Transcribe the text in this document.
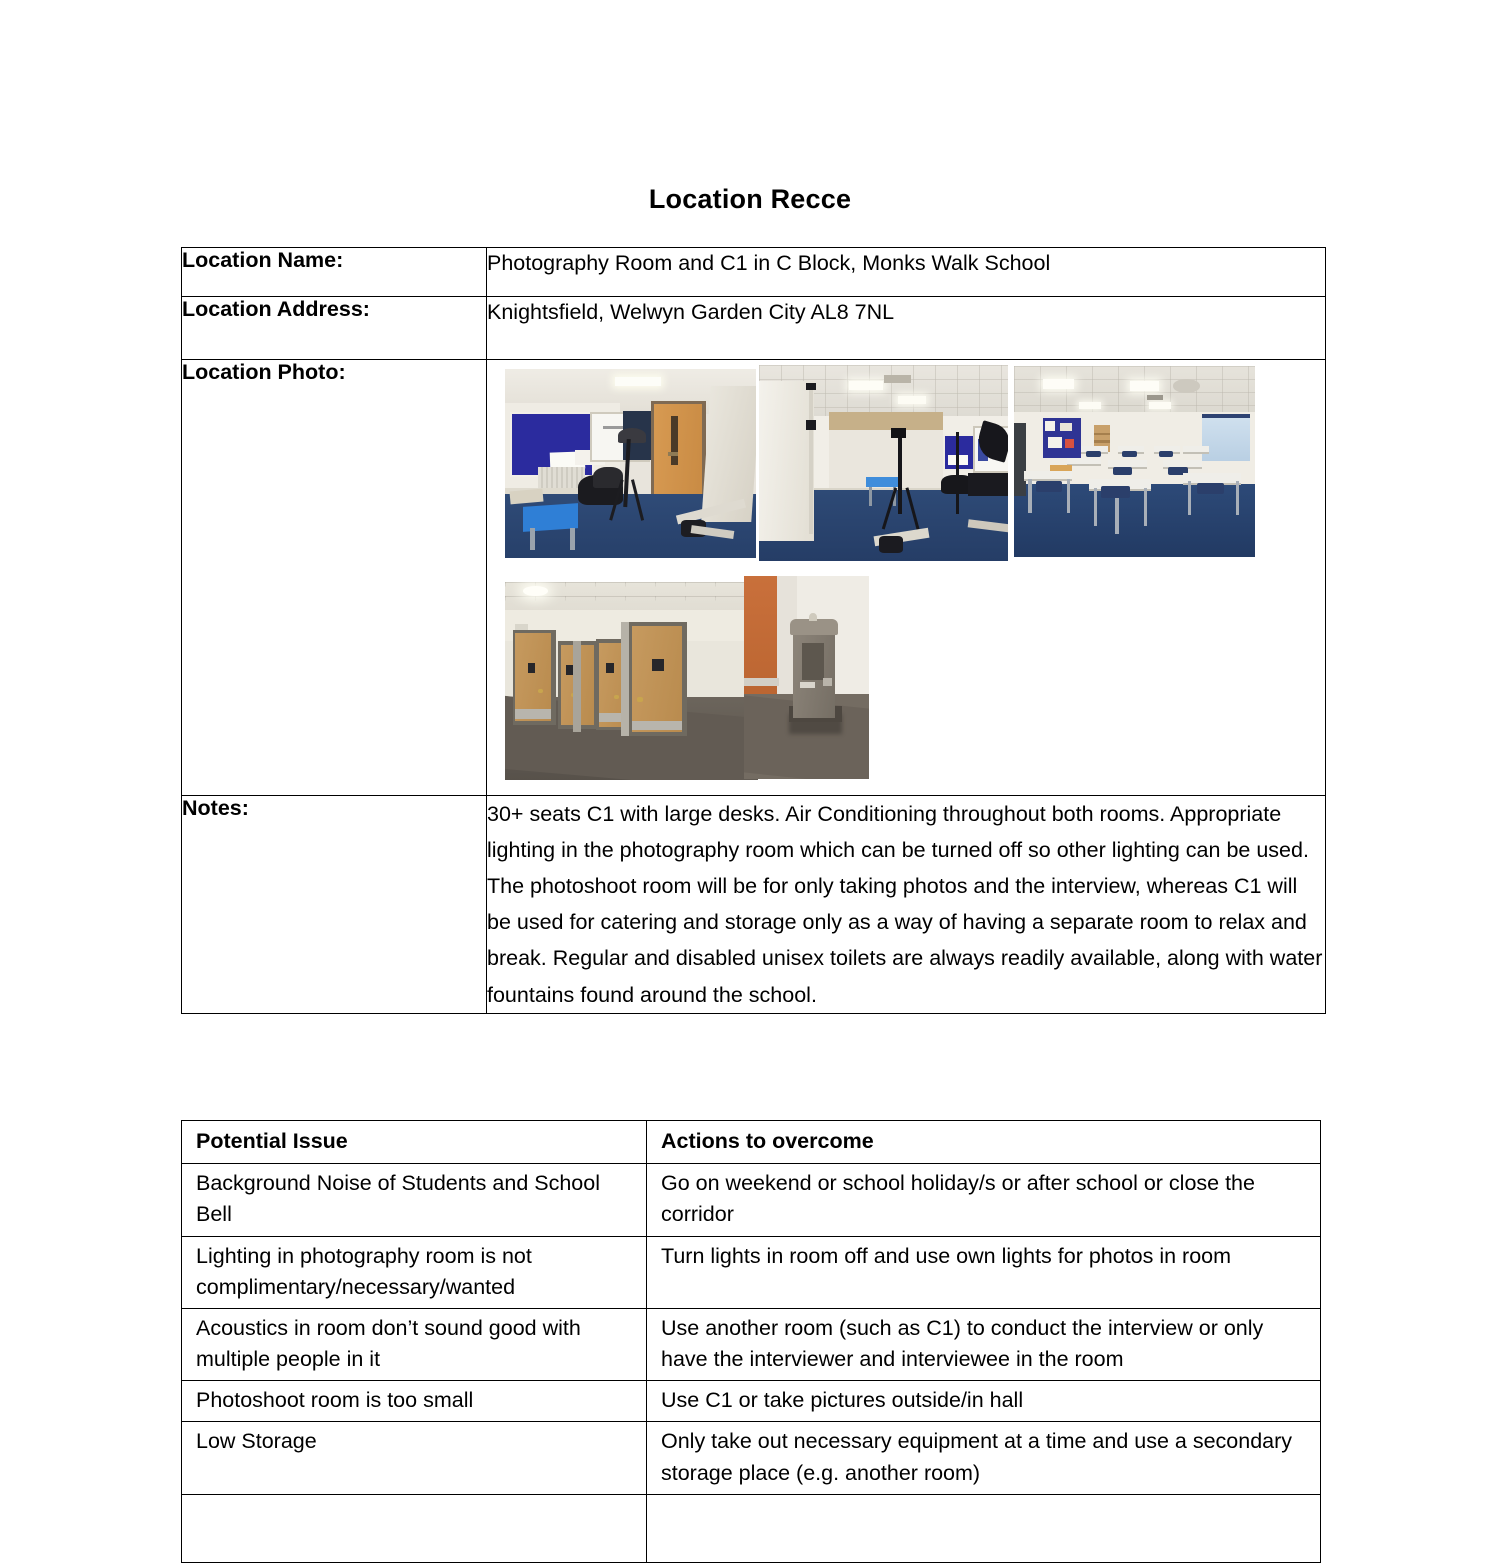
Location Recce
Location Name:	Photography Room and C1 in C Block, Monks Walk School
Location Address:	Knightsfield, Welwyn Garden City AL8 7NL
Location Photo:	

Notes:	30+ seats C1 with large desks. Air Conditioning throughout both rooms. Appropriate lighting in the photography room which can be turned off so other lighting can be used. The photoshoot room will be for only taking photos and the interview, whereas C1 will be used for catering and storage only as a way of having a separate room to relax and break. Regular and disabled unisex toilets are always readily available, along with water fountains found around the school.
Potential Issue	Actions to overcome
Background Noise of Students and School Bell	Go on weekend or school holiday/s or after school or close the corridor
Lighting in photography room is not complimentary/necessary/wanted	Turn lights in room off and use own lights for photos in room
Acoustics in room don’t sound good with multiple people in it	Use another room (such as C1) to conduct the interview or only have the interviewer and interviewee in the room
Photoshoot room is too small	Use C1 or take pictures outside/in hall
Low Storage	Only take out necessary equipment at a time and use a secondary storage place (e.g. another room)
